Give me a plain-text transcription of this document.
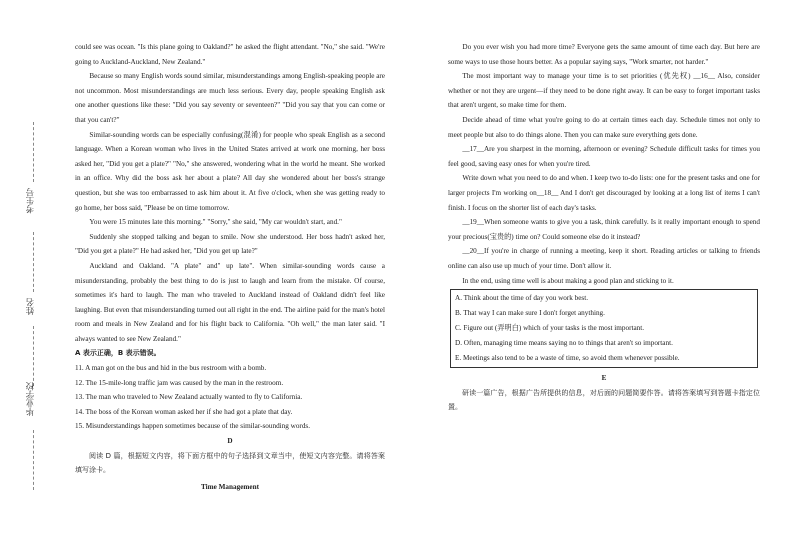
考生号
姓名
毕业学校

could see was ocean. "Is this plane going to Oakland?" he asked the flight attendant. "No," she said. "We're going to Auckland-Auckland, New Zealand."

Because so many English words sound similar, misunderstandings among English-speaking people are not uncommon. Most misunderstandings are much less serious. Every day, people speaking English ask one another questions like these: "Did you say seventy or seventeen?" "Did you say that you can come or that you can't?"

Similar-sounding words can be especially confusing(混淆) for people who speak English as a second language. When a Korean woman who lives in the United States arrived at work one morning, her boss asked her, "Did you get a plate?" "No," she answered, wondering what in the world he meant. She worked in an office. Why did the boss ask her about a plate? All day she wondered about her boss's strange question, but she was too embarrassed to ask him about it. At five o'clock, when she was getting ready to go home, her boss said, "Please be on time tomorrow.

You were 15 minutes late this morning." "Sorry," she said, "My car wouldn't start, and."

Suddenly she stopped talking and began to smile. Now she understood. Her boss hadn't asked her, "Did you get a plate?" He had asked her, "Did you get up late?"

Auckland and Oakland. "A plate" and" up late". When similar-sounding words cause a misunderstanding, probably the best thing to do is just to laugh and learn from the mistake. Of course, sometimes it's hard to laugh. The man who traveled to Auckland instead of Oakland didn't feel like laughing. But even that misunderstanding turned out all right in the end. The airline paid for the man's hotel room and meals in New Zealand and for his flight back to California. "Oh well," the man later said. "I always wanted to see New Zealand."

A 表示正确，B 表示错误。

11. A man got on the bus and hid in the bus restroom with a bomb.

12. The 15-mile-long traffic jam was caused by the man in the restroom.

13. The man who traveled to New Zealand actually wanted to fly to California.

14. The boss of the Korean woman asked her if she had got a plate that day.

15. Misunderstandings happen sometimes because of the similar-sounding words.

D

阅读 D 篇，根据短文内容，将下面方框中的句子选择到文章当中，使短文内容完整。请将答案填写涂卡。

Time Management

Do you ever wish you had more time? Everyone gets the same amount of time each day. But here are some ways to use those hours better. As a popular saying says, "Work smarter, not harder."

The most important way to manage your time is to set priorities (优先权) __16__ Also, consider whether or not they are urgent—if they need to be done right away. It can be easy to forget important tasks that aren't urgent, so make time for them.

Decide ahead of time what you're going to do at certain times each day. Schedule times not only to meet people but also to do things alone. Then you can make sure everything gets done.

__17__Are you sharpest in the morning, afternoon or evening? Schedule difficult tasks for times you feel good, saving easy ones for when you're tired.

Write down what you need to do and when. I keep two to-do lists: one for the present tasks and one for larger projects I'm working on__18__ And I don't get discouraged by looking at a long list of items I can't finish. I focus on the shorter list of each day's tasks.

__19__When someone wants to give you a task, think carefully. Is it really important enough to spend your precious(宝贵的) time on? Could someone else do it instead?

__20__If you're in charge of running a meeting, keep it short. Reading articles or talking to friends online can also use up much of your time. Don't allow it.

In the end, using time well is about making a good plan and sticking to it.

A. Think about the time of day you work best.

B. That way I can make sure I don't forget anything.

C. Figure out (弄明白) which of your tasks is the most important.

D. Often, managing time means saying no to things that aren't so important.

E. Meetings also tend to be a waste of time, so avoid them whenever possible.

E

研读一篇广告，根据广告所提供的信息，对后面的问题简要作答。请将答案填写到答题卡指定位置。
